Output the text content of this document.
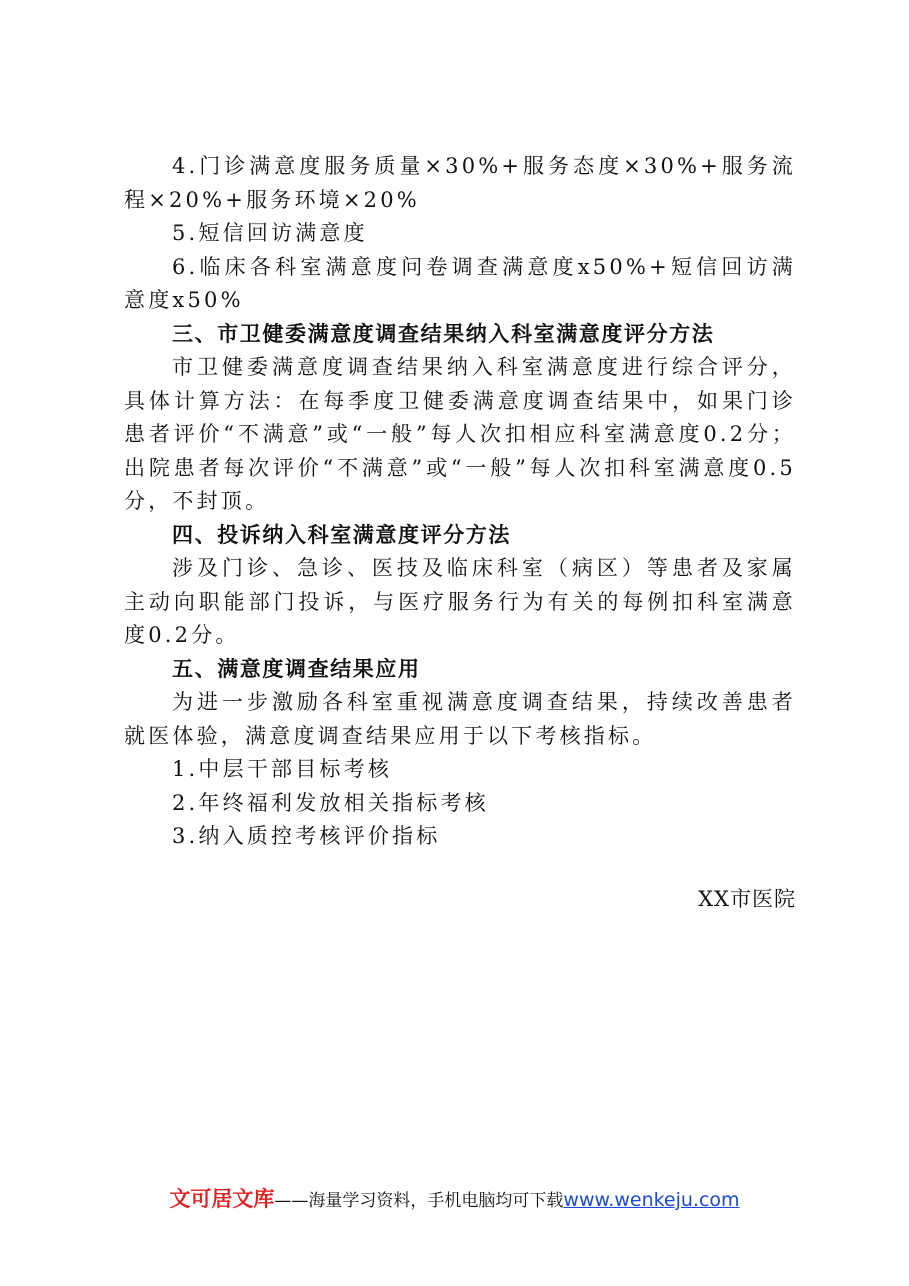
4.门诊满意度服务质量×30%+服务态度×30%+服务流程×20%+服务环境×20%

5.短信回访满意度

6.临床各科室满意度问卷调查满意度x50%+短信回访满意度x50%

三、市卫健委满意度调查结果纳入科室满意度评分方法

市卫健委满意度调查结果纳入科室满意度进行综合评分，具体计算方法：在每季度卫健委满意度调查结果中，如果门诊患者评价“不满意”或“一般”每人次扣相应科室满意度0.2分；出院患者每次评价“不满意”或“一般”每人次扣科室满意度0.5分，不封顶。

四、投诉纳入科室满意度评分方法

涉及门诊、急诊、医技及临床科室（病区）等患者及家属主动向职能部门投诉，与医疗服务行为有关的每例扣科室满意度0.2分。

五、满意度调查结果应用

为进一步激励各科室重视满意度调查结果，持续改善患者就医体验，满意度调查结果应用于以下考核指标。

1.中层干部目标考核

2.年终福利发放相关指标考核

3.纳入质控考核评价指标

XX市医院

文可居文库——海量学习资料，手机电脑均可下载www.wenkeju.com
